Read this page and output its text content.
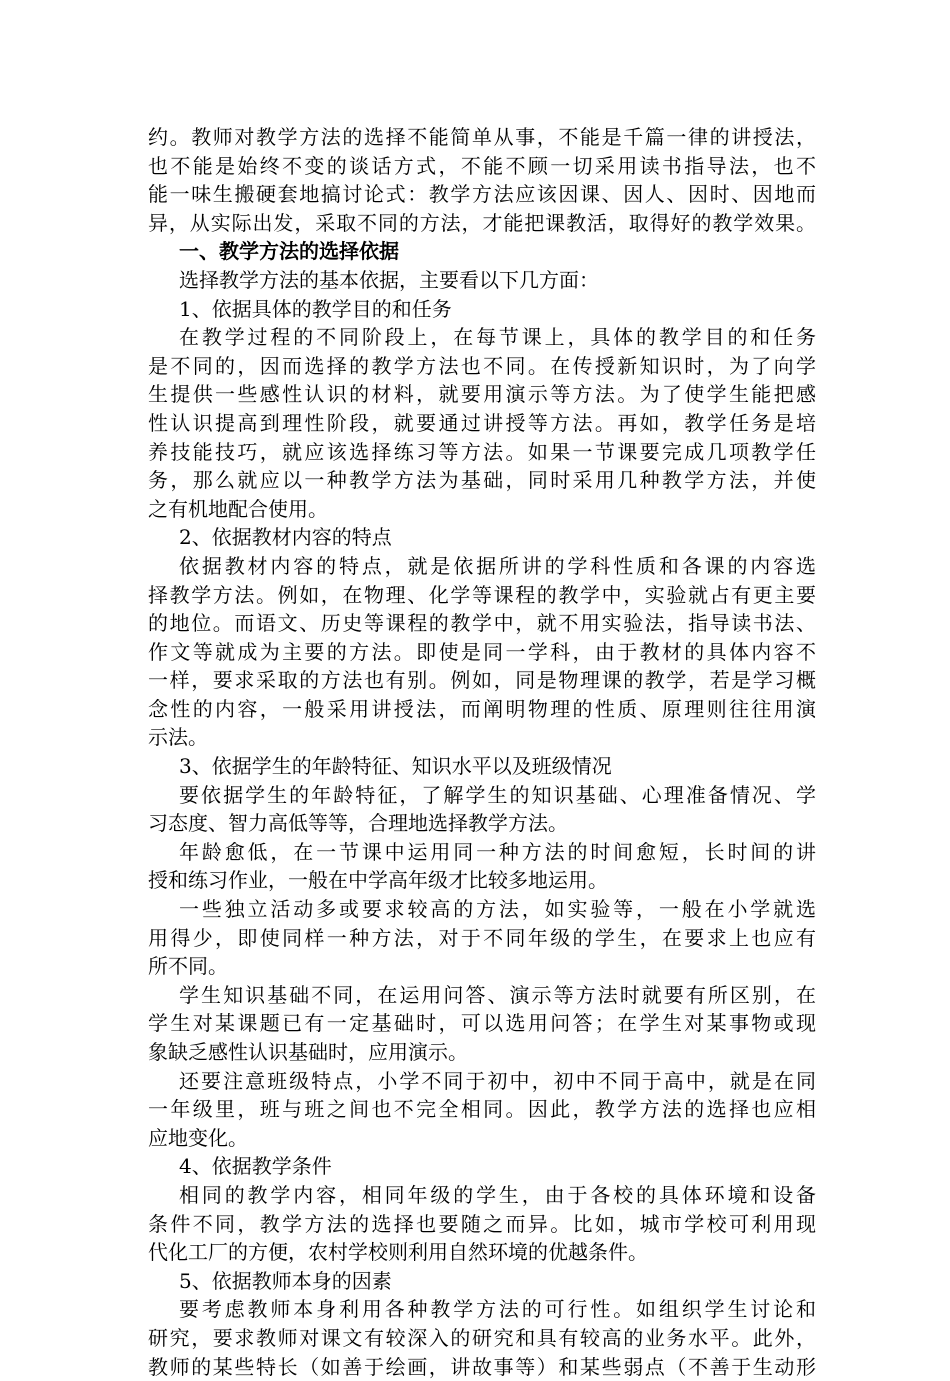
约。教师对教学方法的选择不能简单从事，不能是千篇一律的讲授法，
也不能是始终不变的谈话方式，不能不顾一切采用读书指导法，也不
能一味生搬硬套地搞讨论式：教学方法应该因课、因人、因时、因地而
异，从实际出发，采取不同的方法，才能把课教活，取得好的教学效果。
一、教学方法的选择依据
选择教学方法的基本依据，主要看以下几方面：
1、依据具体的教学目的和任务
在教学过程的不同阶段上，在每节课上，具体的教学目的和任务
是不同的，因而选择的教学方法也不同。在传授新知识时，为了向学
生提供一些感性认识的材料，就要用演示等方法。为了使学生能把感
性认识提高到理性阶段，就要通过讲授等方法。再如，教学任务是培
养技能技巧，就应该选择练习等方法。如果一节课要完成几项教学任
务，那么就应以一种教学方法为基础，同时采用几种教学方法，并使
之有机地配合使用。
2、依据教材内容的特点
依据教材内容的特点，就是依据所讲的学科性质和各课的内容选
择教学方法。例如，在物理、化学等课程的教学中，实验就占有更主要
的地位。而语文、历史等课程的教学中，就不用实验法，指导读书法、
作文等就成为主要的方法。即使是同一学科，由于教材的具体内容不
一样，要求采取的方法也有别。例如，同是物理课的教学，若是学习概
念性的内容，一般采用讲授法，而阐明物理的性质、原理则往往用演
示法。
3、依据学生的年龄特征、知识水平以及班级情况
要依据学生的年龄特征，了解学生的知识基础、心理准备情况、学
习态度、智力高低等等，合理地选择教学方法。
年龄愈低，在一节课中运用同一种方法的时间愈短，长时间的讲
授和练习作业，一般在中学高年级才比较多地运用。
一些独立活动多或要求较高的方法，如实验等，一般在小学就选
用得少，即使同样一种方法，对于不同年级的学生，在要求上也应有
所不同。
学生知识基础不同，在运用问答、演示等方法时就要有所区别，在
学生对某课题已有一定基础时，可以选用问答；在学生对某事物或现
象缺乏感性认识基础时，应用演示。
还要注意班级特点，小学不同于初中，初中不同于高中，就是在同
一年级里，班与班之间也不完全相同。因此，教学方法的选择也应相
应地变化。
4、依据教学条件
相同的教学内容，相同年级的学生，由于各校的具体环境和设备
条件不同，教学方法的选择也要随之而异。比如，城市学校可利用现
代化工厂的方便，农村学校则利用自然环境的优越条件。
5、依据教师本身的因素
要考虑教师本身利用各种教学方法的可行性。如组织学生讨论和
研究，要求教师对课文有较深入的研究和具有较高的业务水平。此外，
教师的某些特长（如善于绘画，讲故事等）和某些弱点（不善于生动形
